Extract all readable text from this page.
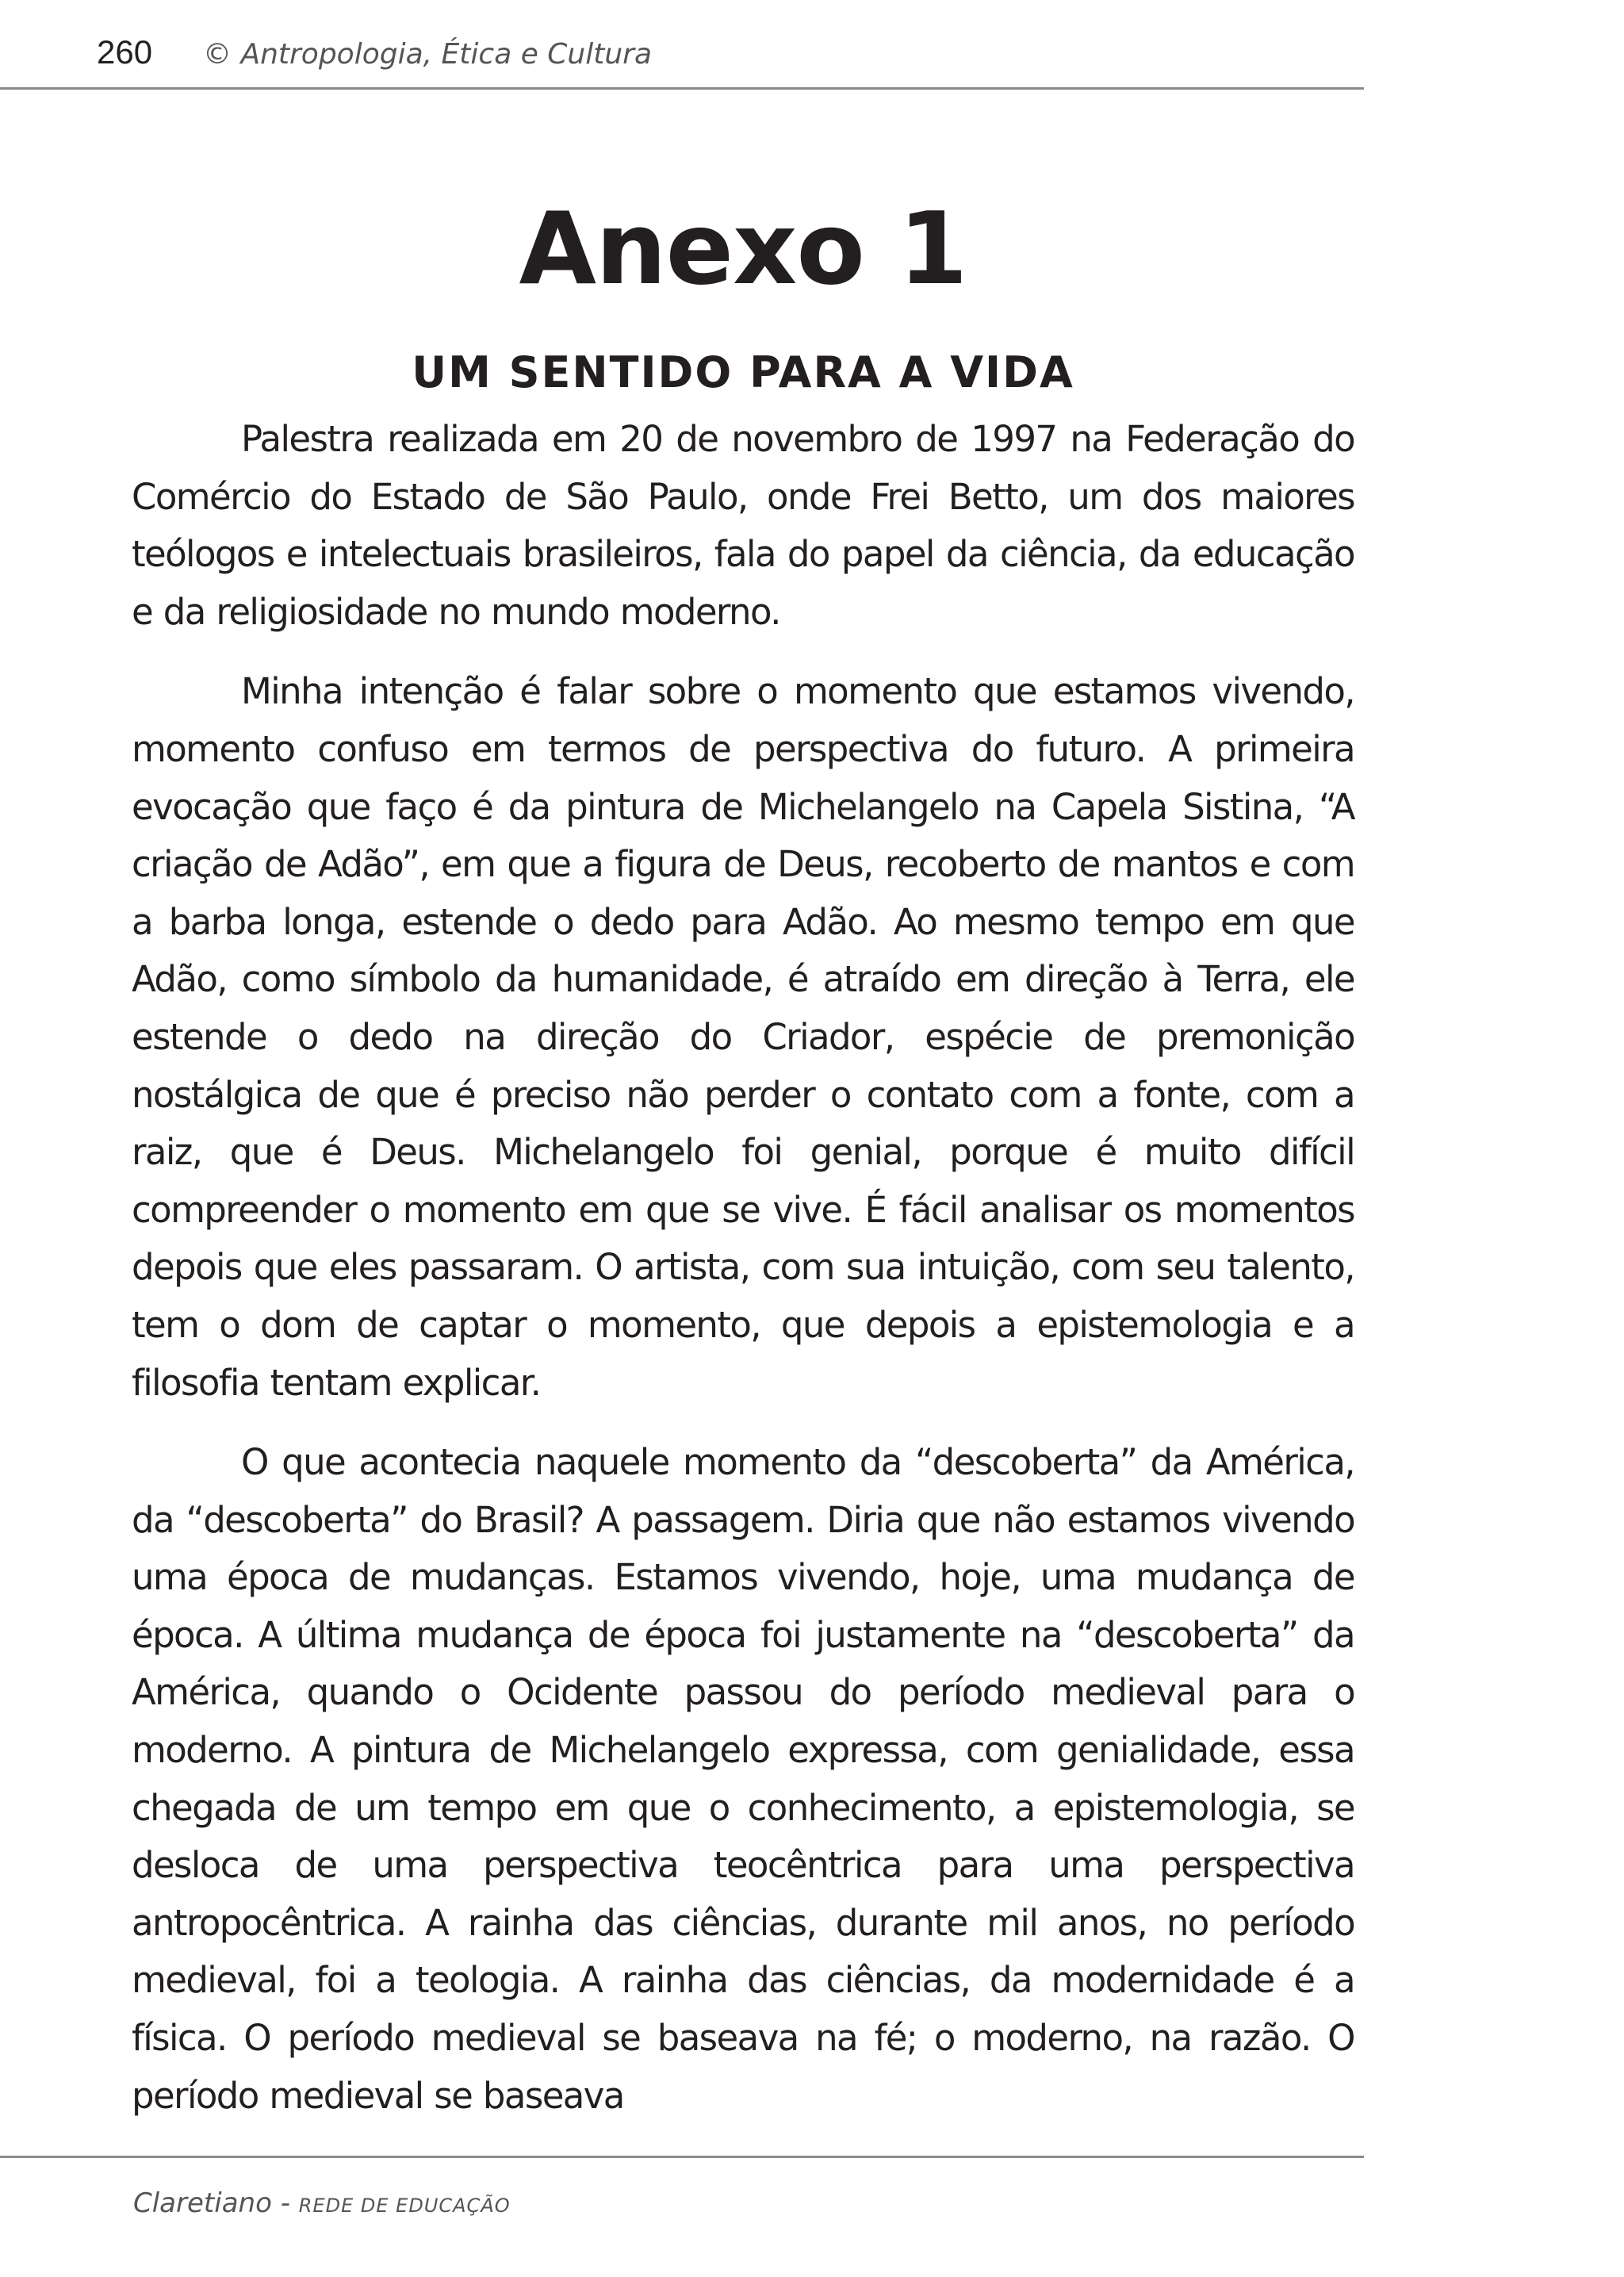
260 © Antropologia, Ética e Cultura
Anexo 1
UM SENTIDO PARA A VIDA

Palestra realizada em 20 de novembro de 1997 na Federação do Comércio do Estado de São Paulo, onde Frei Betto, um dos maiores teólogos e intelectuais brasileiros, fala do papel da ciência, da educação e da religiosidade no mundo moderno.

Minha intenção é falar sobre o momento que estamos vivendo, momento confuso em termos de perspectiva do futuro. A primeira evocação que faço é da pintura de Michelangelo na Capela Sistina, “A criação de Adão”, em que a figura de Deus, recoberto de mantos e com a barba longa, estende o dedo para Adão. Ao mesmo tempo em que Adão, como símbolo da humanidade, é atraído em direção à Terra, ele estende o dedo na direção do Criador, espécie de premonição nostálgica de que é preciso não perder o contato com a fonte, com a raiz, que é Deus. Michelangelo foi genial, porque é muito difícil compreender o momento em que se vive. É fácil analisar os momentos depois que eles passaram. O artista, com sua intuição, com seu talento, tem o dom de captar o momento, que depois a epistemologia e a filosofia tentam explicar.

O que acontecia naquele momento da “descoberta” da América, da “descoberta” do Brasil? A passagem. Diria que não estamos vivendo uma época de mudanças. Estamos vivendo, hoje, uma mudança de época. A última mudança de época foi justamente na “descoberta” da América, quando o Ocidente passou do período medieval para o moderno. A pintura de Michelangelo expressa, com genialidade, essa chegada de um tempo em que o conhecimento, a epistemologia, se desloca de uma perspectiva teocêntrica para uma perspectiva antropocêntrica. A rainha das ciências, durante mil anos, no período medieval, foi a teologia. A rainha das ciências, da modernidade é a física. O período medieval se baseava na fé; o moderno, na razão. O período medieval se baseava

Claretiano - REDE DE EDUCAÇÃO
